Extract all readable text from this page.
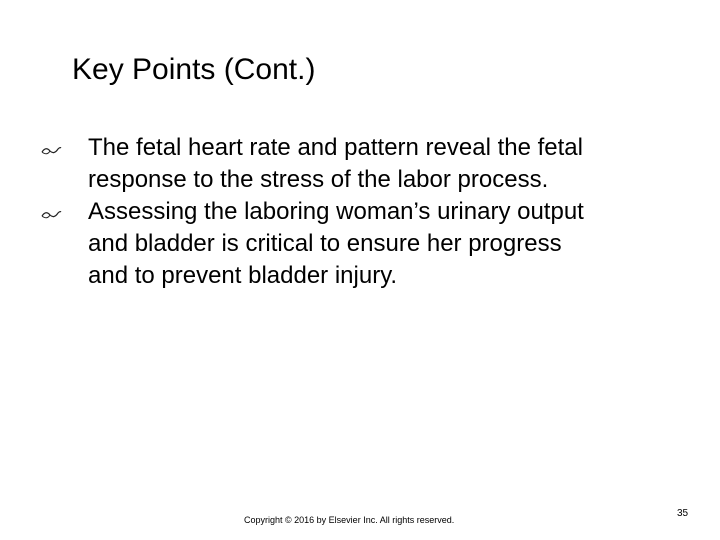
Key Points (Cont.)
The fetal heart rate and pattern reveal the fetal
response to the stress of the labor process.
Assessing the laboring woman’s urinary output
and bladder is critical to ensure her progress
and to prevent bladder injury.
Copyright © 2016 by Elsevier Inc. All rights reserved.
35
